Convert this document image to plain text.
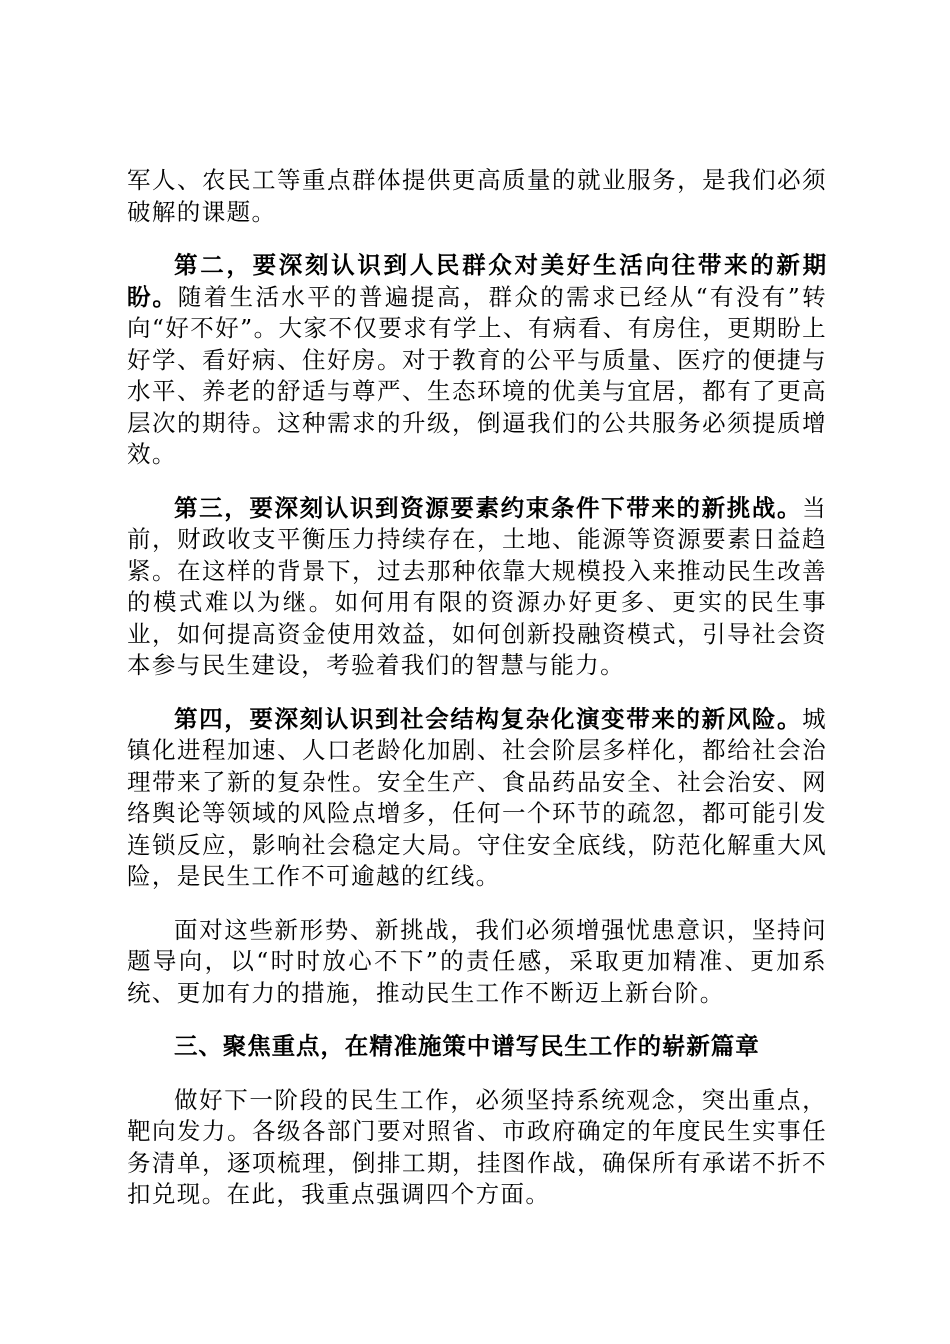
军人、农民工等重点群体提供更高质量的就业服务，是我们必须破解的课题。

第二，要深刻认识到人民群众对美好生活向往带来的新期盼。随着生活水平的普遍提高，群众的需求已经从“有没有”转向“好不好”。大家不仅要求有学上、有病看、有房住，更期盼上好学、看好病、住好房。对于教育的公平与质量、医疗的便捷与水平、养老的舒适与尊严、生态环境的优美与宜居，都有了更高层次的期待。这种需求的升级，倒逼我们的公共服务必须提质增效。

第三，要深刻认识到资源要素约束条件下带来的新挑战。当前，财政收支平衡压力持续存在，土地、能源等资源要素日益趋紧。在这样的背景下，过去那种依靠大规模投入来推动民生改善的模式难以为继。如何用有限的资源办好更多、更实的民生事业，如何提高资金使用效益，如何创新投融资模式，引导社会资本参与民生建设，考验着我们的智慧与能力。

第四，要深刻认识到社会结构复杂化演变带来的新风险。城镇化进程加速、人口老龄化加剧、社会阶层多样化，都给社会治理带来了新的复杂性。安全生产、食品药品安全、社会治安、网络舆论等领域的风险点增多，任何一个环节的疏忽，都可能引发连锁反应，影响社会稳定大局。守住安全底线，防范化解重大风险，是民生工作不可逾越的红线。

面对这些新形势、新挑战，我们必须增强忧患意识，坚持问题导向，以“时时放心不下”的责任感，采取更加精准、更加系统、更加有力的措施，推动民生工作不断迈上新台阶。

三、聚焦重点，在精准施策中谱写民生工作的崭新篇章

做好下一阶段的民生工作，必须坚持系统观念，突出重点，靶向发力。各级各部门要对照省、市政府确定的年度民生实事任务清单，逐项梳理，倒排工期，挂图作战，确保所有承诺不折不扣兑现。在此，我重点强调四个方面。
